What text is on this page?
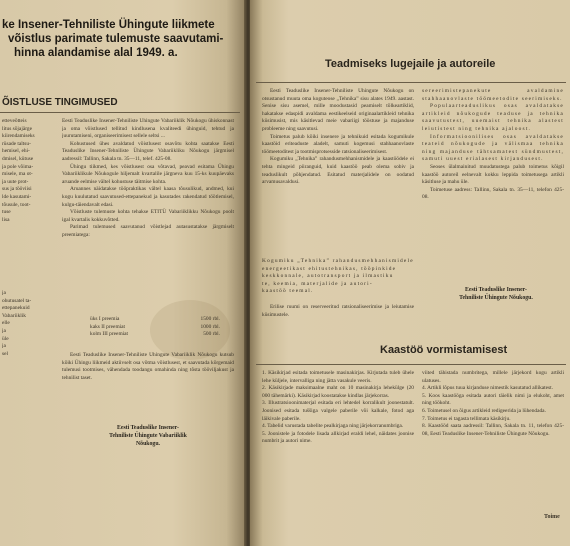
ke Insener-Tehniliste Ühingute liikmete
võistlus parimate tulemuste saavutami-
hinna alandamise alal 1949. a.
ÕISTLUSE TINGIMUSED
etteveõtteis
litus sõjajärge
kiirendamiseks
rüsade taltsu-
hemisel, ehi-
dmisel, kütuse
ja pole võima-
misele, ma ot-
ja uute prot-
sus ja tööviisi
lde kasutami-
tõusule, toot-
tuse
lisa
ja
ohutusatel ta-
ettepanekuid
Vabariiklik
elle
ja
üle
ja
sel

Eesti Teaduslike Insener-Tehniliste Ühingute Vabariiklik Nõukogu ühiskonnast ja oma võistlused tellitud kindlusena kvaliteedi ühinguid, tehtud ja juurutamiseni, organiseerimisest sellele seltsi ...

Kohustused ühes avaldatud võistlusest osavõtu kohta saatakse Eesti Teaduslike Insener-Tehniliste Ühingute Vabariikliku Nõukogu järgmisel aadressil: Tallinn, Sakala tn. 35—11, telef. 425-08.

Ühingu tiikmed, kes võistlusest osa võtavad, peavad esitama Ühingu Vabariiklikule Nõukogule hiljemalt kvartalile järgneva kuu 15-ks kuupäevaks aruande eelmise vältel kohustuse täitmise kohta.

Aruannes näidatakse tööpraktikas vältel kaasa tõusulikud, andmed, kui kogu kuulutatud saavutused-ettepanekud ja kasutades rakendatud töötlemisel, kulgu-täiendavalt edasi.

Võistluste tulemuste kohta tehakse ETITÜ Vabariiklikku Nõukogu poolt igal kvartalis kokkuvõtted.

Parimad tulemused saavutanud võistlejad autasustatakse järgmiselt preemiatega:

üks I preemia	1500 rbl.
kaks II preemiat	1000 rbl.
kolm III preemiat	500 rbl.

Eesti Teaduslike Insener-Tehniliste Ühingute Vabariiklik Nõukogu kutsub kõiki Ühingu liikmeid aktiivselt osa võtma võistlusest, et saavutada kõrgemaid tulemusi tootmises, vähendada toodangu omahinda ning tõsta tööviljakust ja tehnilist taset.

Eesti Teaduslike Insener-
Tehniliste Ühingute Vabariiklik
Nõukogu.
Teadmiseks lugejaile ja autoreile

Eesti Teaduslike Insener-Tehniliste Ühingute Nõukogu on otsustanud muuta oma koguteose „Tehnika” sisu alates 1949. aastast. Senise sisu asemel, mille moodustasid peamiselt tõlkeartiklid, hakatakse edaspidi avaldama eestikeelseid originaalartikleid tehnika küsimusist, mis käsitlevad meie vabariigi tööstuse ja majanduse probleeme ning saavutusi.

Toimetus palub kõiki insenere ja tehnikuid esitada kogumikule kaastöid eriteaduste aladelt, samuti kogemusi stahhaanovlaste töömeetoditest ja tootmisprotsesside ratsionaliseerimisest.

Kogumiku „Tehnika” rahandusmehhanismidele ja kaastöödele ei tehta mingeid piiranguid, kuid kaastöö peab olema sobiv ja teaduslikult põhjendatud. Esitatud materjalidele on oodatud arvamusavaldusi.

Kogumiku „Tehnika” rahandusmehhanismidele
energeetikast ehitustehnikas, tööpinkide
keskkonnale, autotransport ja ilmastiku
te, keemia, materjalide ja autori-
kaastöö teemal.

Erilise ruumi on reserveeritud ratsionaliseerimise ja leiutamise küsimustele.

sereerimistepanekute avaldamine stahhaanovlaste töömeetodite seerimiseks.

Populaarteaduslikus osas avaldatakse artikleid nõukogude teaduse ja tehnika saavutustest, uuemaist tehnika alastest leiutistest ning tehnika ajaloost.

Informatsioonilises osas avaldatakse teateid nõukogude ja välismaa tehnika ning majanduse tähtsamatest sündmustest, samuti uuest erialasest kirjandusest.

Seoses ülalmainitud muudatustega palub toimetus kõigil kaastöö autoreil eelnevalt kokku leppida toimetusega artikli käsitluse ja mahu üle.

Toimetuse aadress: Tallinn, Sakala tn. 35—11, telefon 425-08.

Eesti Teaduslike Insener-
Tehniliste Ühingute Nõukogu.
Kaastöö vormistamisest

1. Käsikirjad esitada toimetusele masinakirjas. Kirjutada tuleb ühele lehe küljele, intervalliga ning jätta vasakule veeris.

2. Käsikirjade maksimaalne maht on 10 masinakirja lehekülge (20 000 tähemärki). Käsikirjad koostatakse kindlas järjekorras.

3. Illustratsioonimaterjal esitada eri lehtedel korralikult joonestatult. Joonised esitada tuššiga valgele paberile või kalkale, fotod aga läikivale paberile.

4. Tabelid varustada tabelite pealkirjaga ning järjekorranumbriga.

5. Joonistele ja fotodele lisada allkirjad eraldi lehel, näidates joonise numbrit ja autori nime.

viited tähistada numbritega, millele järjekord kogu artikli ulatuses.

4. Artikli lõpus tuua kirjanduse nimestik kasutatud allikatest.

5. Koos kaastööga esitada autori täielik nimi ja elukoht, amet ning töökoht.

6. Toimetusel on õigus artikleid redigeerida ja lühendada.

7. Toimetus ei tagasta tellimata käsikirju.

8. Kaastööd saata aadressil: Tallinn, Sakala tn. 11, telefon 425-08, Eesti Teaduslike Insener-Tehniliste Ühingute Nõukogu.

Toime
